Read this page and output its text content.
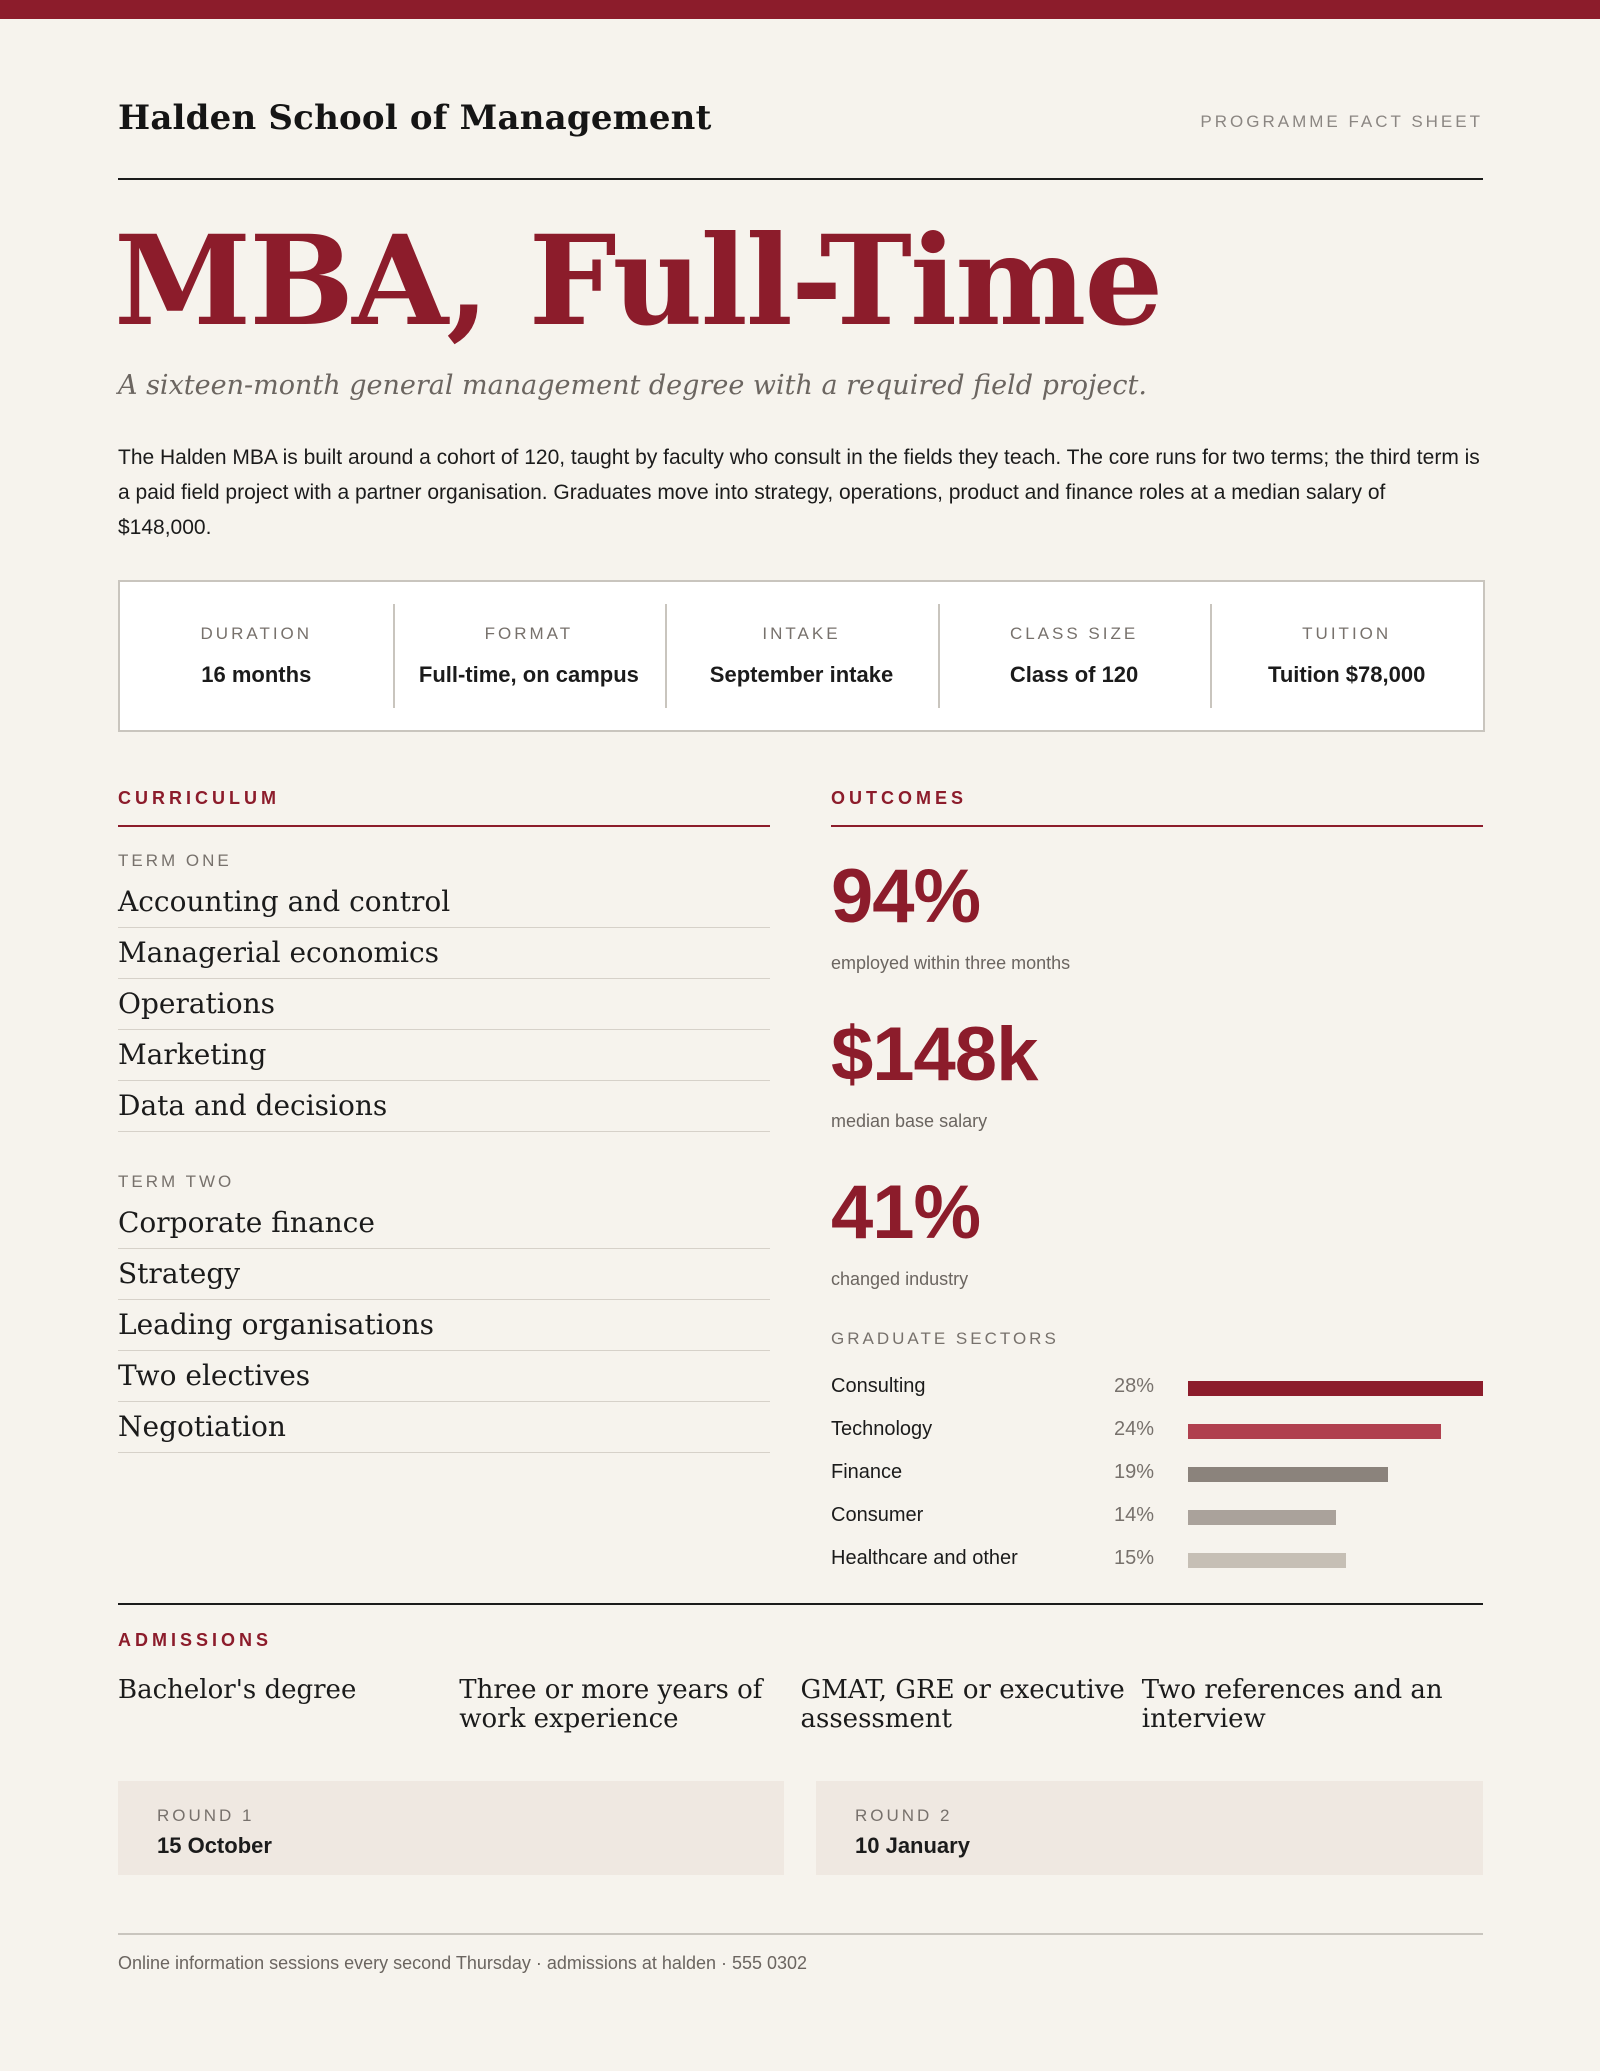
Halden School of Management	PROGRAMME FACT SHEET
MBA, Full-Time
A sixteen-month general management degree with a required field project.
The Halden MBA is built around a cohort of 120, taught by faculty who consult in the fields they teach. The core runs for two terms; the third term is a paid field project with a partner organisation. Graduates move into strategy, operations, product and finance roles at a median salary of $148,000.
DURATION
16 months
FORMAT
Full-time, on campus
INTAKE
September intake
CLASS SIZE
Class of 120
TUITION
Tuition $78,000
CURRICULUM
TERM ONE
Accounting and control
Managerial economics
Operations
Marketing
Data and decisions
TERM TWO
Corporate finance
Strategy
Leading organisations
Two electives
Negotiation
OUTCOMES
94%
employed within three months
$148k
median base salary
41%
changed industry
GRADUATE SECTORS
Consulting	28%
Technology	24%
Finance	19%
Consumer	14%
Healthcare and other	15%
ADMISSIONS
Bachelor's degree	Three or more years of work experience
GMAT, GRE or executive assessment
Two references and an interview
ROUND 1
15 October
ROUND 2
10 January
Online information sessions every second Thursday · admissions at halden · 555 0302
